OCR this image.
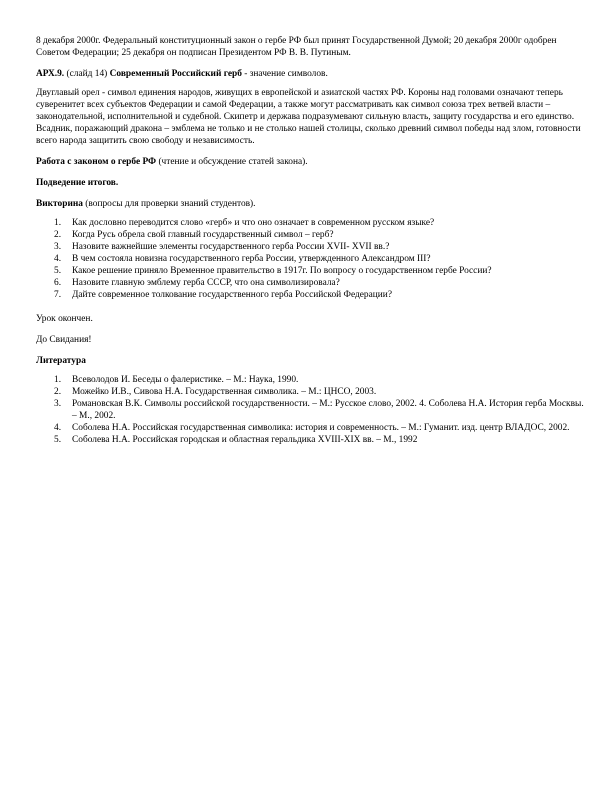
8 декабря 2000г. Федеральный конституционный закон о гербе РФ был принят Государственной Думой; 20 декабря 2000г одобрен Советом Федерации; 25 декабря он подписан Президентом РФ В. В. Путиным.

АРХ.9. (слайд 14) Современный Российский герб - значение символов.

Двуглавый орел - символ единения народов, живущих в европейской и азиатской частях РФ. Короны над головами означают теперь суверенитет всех субъектов Федерации и самой Федерации, а также могут рассматривать как символ союза трех ветвей власти – законодательной, исполнительной и судебной. Скипетр и держава подразумевают сильную власть, защиту государства и его единство. Всадник, поражающий дракона – эмблема не только и не столько нашей столицы, сколько древний символ победы над злом, готовности всего народа защитить свою свободу и независимость.

Работа с законом о гербе РФ (чтение и обсуждение статей закона).

Подведение итогов.

Викторина (вопросы для проверки знаний студентов).

1. Как дословно переводится слово «герб» и что оно означает в современном русском языке?
2. Когда Русь обрела свой главный государственный символ – герб?
3. Назовите важнейшие элементы государственного герба России XVII- XVII вв.?
4. В чем состояла новизна государственного герба России, утвержденного Александром III?
5. Какое решение приняло Временное правительство в 1917г. По вопросу о государственном гербе России?
6. Назовите главную эмблему герба СССР, что она символизировала?
7. Дайте современное толкование государственного герба Российской Федерации?

Урок окончен.

До Свидания!

Литература

1. Всеволодов И. Беседы о фалеристике. – М.: Наука, 1990.
2. Можейко И.В., Сивова Н.А. Государственная символика. – М.: ЦНСО, 2003.
3. Романовская В.К. Символы российской государственности. – М.: Русское слово, 2002. 4. Соболева Н.А. История герба Москвы. – М., 2002.
4. Соболева Н.А. Российская государственная символика: история и современность. – М.: Гуманит. изд. центр ВЛАДОС, 2002.
5. Соболева Н.А. Российская городская и областная геральдика XVIII-XIX вв. – М., 1992
